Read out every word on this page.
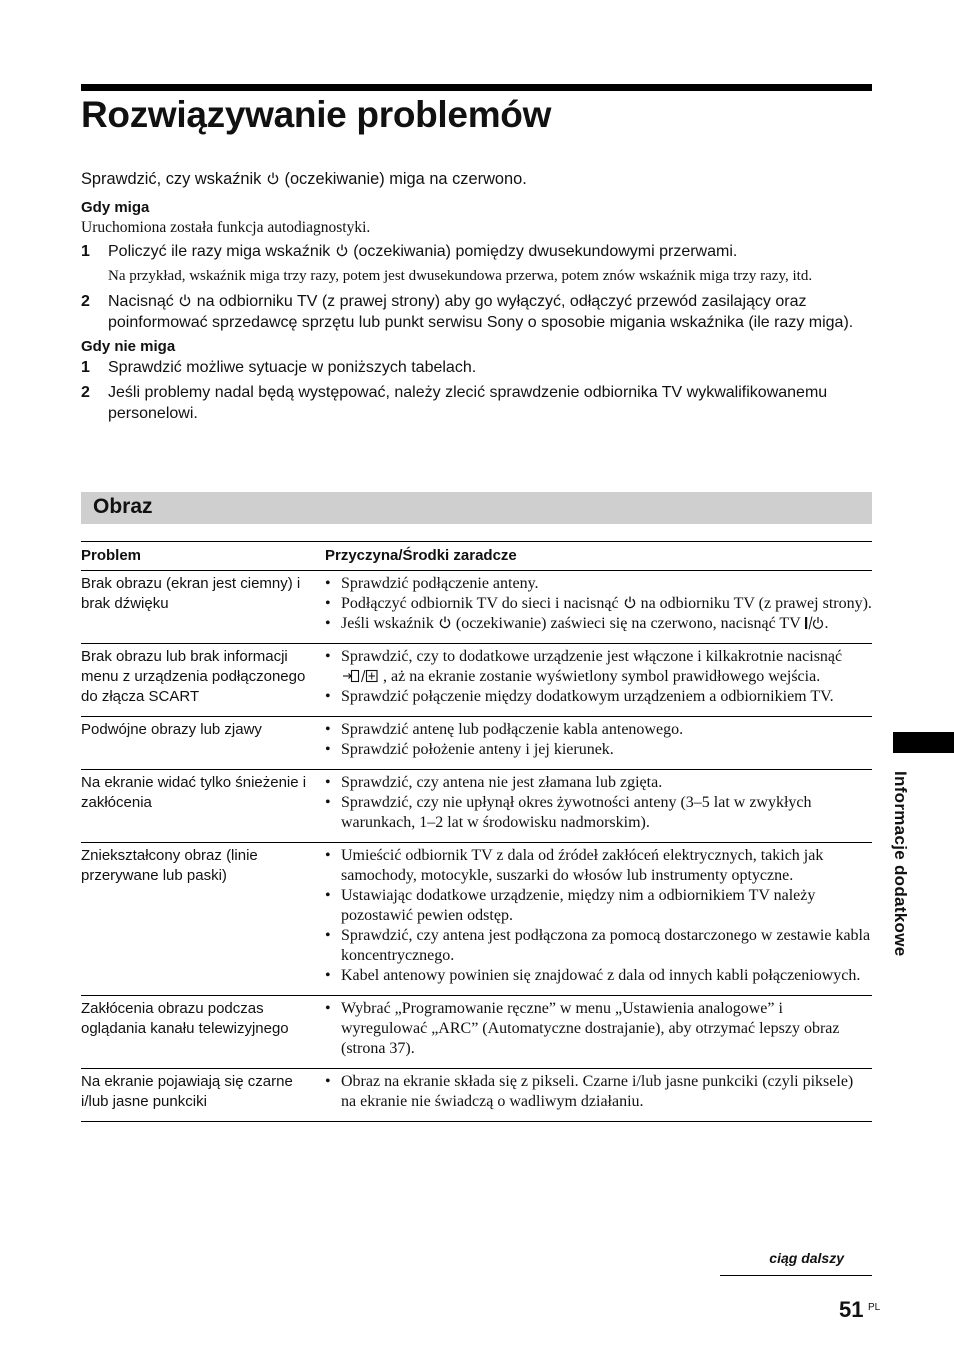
Rozwiązywanie problemów

Sprawdzić, czy wskaźnik (oczekiwanie) miga na czerwono.

Gdy miga

Uruchomiona została funkcja autodiagnostyki.

1	Policzyć ile razy miga wskaźnik (oczekiwania) pomiędzy dwusekundowymi przerwami.

Na przykład, wskaźnik miga trzy razy, potem jest dwusekundowa przerwa, potem znów wskaźnik miga trzy razy, itd.

2	Nacisnąć na odbiorniku TV (z prawej strony) aby go wyłączyć, odłączyć przewód zasilający oraz poinformować sprzedawcę sprzętu lub punkt serwisu Sony o sposobie migania wskaźnika (ile razy miga).

Gdy nie miga

1	Sprawdzić możliwe sytuacje w poniższych tabelach.
2	Jeśli problemy nadal będą występować, należy zlecić sprawdzenie odbiornika TV wykwalifikowanemu personelowi.
Obraz
Problem	Przyczyna/Środki zaradcze
Brak obrazu (ekran jest ciemny) i brak dźwięku
• Sprawdzić podłączenie anteny.
• Podłączyć odbiornik TV do sieci i nacisnąć na odbiorniku TV (z prawej strony).
• Jeśli wskaźnik (oczekiwanie) zaświeci się na czerwono, nacisnąć TV .
Brak obrazu lub brak informacji menu z urządzenia podłączonego do złącza SCART
• Sprawdzić, czy to dodatkowe urządzenie jest włączone i kilkakrotnie nacisnąć  , aż na ekranie zostanie wyświetlony symbol prawidłowego wejścia.
• Sprawdzić połączenie między dodatkowym urządzeniem a odbiornikiem TV.
Podwójne obrazy lub zjawy
•	Sprawdzić antenę lub podłączenie kabla antenowego.
• Sprawdzić położenie anteny i jej kierunek.
Na ekranie widać tylko śnieżenie i zakłócenia
• Sprawdzić, czy antena nie jest złamana lub zgięta.
• Sprawdzić, czy nie upłynął okres żywotności anteny (3–5 lat w zwykłych warunkach, 1–2 lat w środowisku nadmorskim).
Zniekształcony obraz (linie przerywane lub paski)
• Umieścić odbiornik TV z dala od źródeł zakłóceń elektrycznych, takich jak samochody, motocykle, suszarki do włosów lub instrumenty optyczne.
• Ustawiając dodatkowe urządzenie, między nim a odbiornikiem TV należy pozostawić pewien odstęp.
• Sprawdzić, czy antena jest podłączona za pomocą dostarczonego w zestawie kabla koncentrycznego.
• Kabel antenowy powinien się znajdować z dala od innych kabli połączeniowych.
Zakłócenia obrazu podczas oglądania kanału telewizyjnego
• Wybrać „Programowanie ręczne” w menu „Ustawienia analogowe” i wyregulować „ARC” (Automatyczne dostrajanie), aby otrzymać lepszy obraz (strona 37).
Na ekranie pojawiają się czarne i/lub jasne punkciki
• Obraz na ekranie składa się z pikseli. Czarne i/lub jasne punkciki (czyli piksele) na ekranie nie świadczą o wadliwym działaniu.
ciąg dalszy
51 PL
Informacje dodatkowe
